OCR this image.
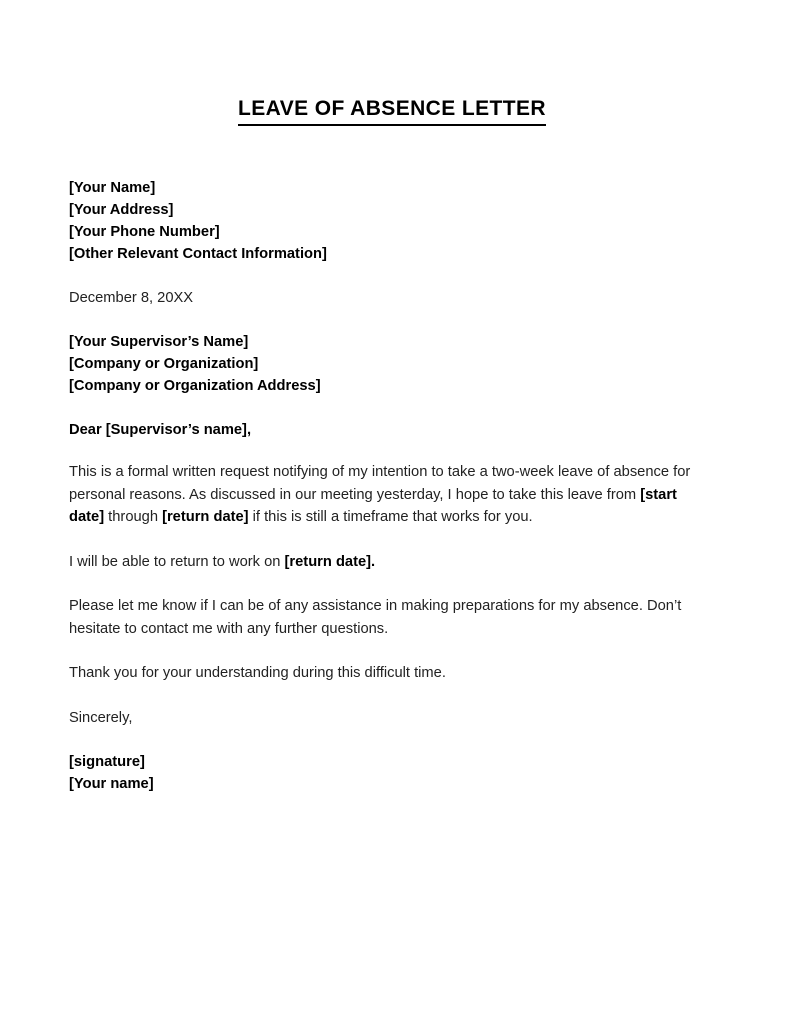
LEAVE OF ABSENCE LETTER
[Your Name]
[Your Address]
[Your Phone Number]
[Other Relevant Contact Information]
December 8, 20XX
[Your Supervisor’s Name]
[Company or Organization]
[Company or Organization Address]
Dear [Supervisor’s name],

This is a formal written request notifying of my intention to take a two-week leave of absence for personal reasons. As discussed in our meeting yesterday, I hope to take this leave from [start date] through [return date] if this is still a timeframe that works for you.

I will be able to return to work on [return date].

Please let me know if I can be of any assistance in making preparations for my absence. Don’t hesitate to contact me with any further questions.

Thank you for your understanding during this difficult time.

Sincerely,

[signature]
[Your name]
